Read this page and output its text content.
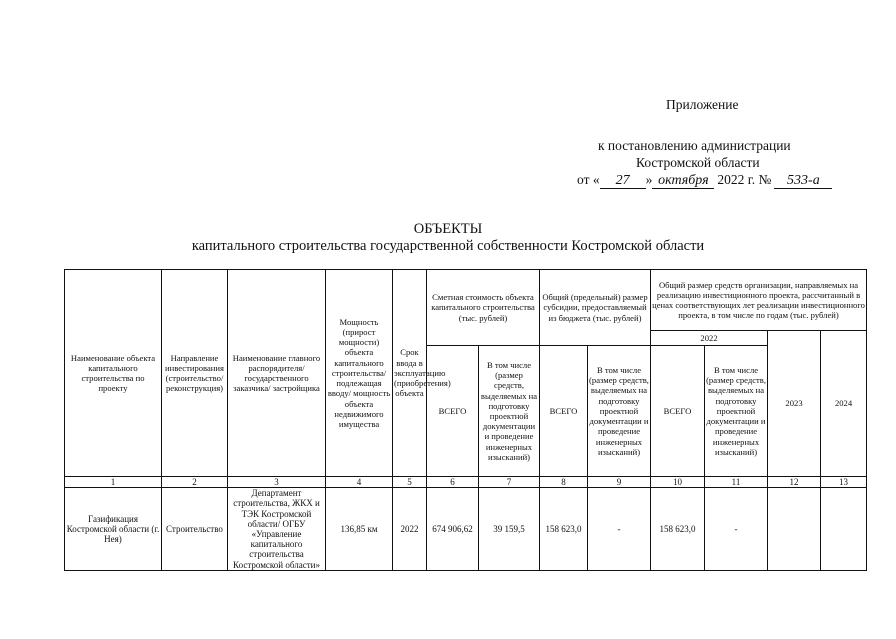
Приложение
к постановлению администрации
Костромской области
от « 27 » октября 2022 г. № 533-а
ОБЪЕКТЫ
капитального строительства государственной собственности Костромской области
Наименование объекта капитального строительства по проекту	Направление инвестирования (строительство/ реконструкция)	Наименование главного распорядителя/ государственного заказчика/ застройщика	Мощность (прирост мощности) объекта капитального строительства/ подлежащая вводу/ мощность объекта недвижимого имущества	Срок ввода в эксплуатацию (приобретения) объекта	Сметная стоимость объекта капитального строительства (тыс. рублей)		Общий (предельный) размер субсидии, предоставляемый из бюджета (тыс. рублей)		Общий размер средств организации, направляемых на реализацию инвестиционного проекта, рассчитанный в ценах соответствующих лет реализации инвестиционного проекта, в том числе по годам (тыс. рублей)			
									2022		2023	2024
					ВСЕГО	В том числе (размер средств, выделяемых на подготовку проектной документации и проведение инженерных изысканий)	ВСЕГО	В том числе (размер средств, выделяемых на подготовку проектной документации и проведение инженерных изысканий)	ВСЕГО	В том числе (размер средств, выделяемых на подготовку проектной документации и проведение инженерных изысканий)		
1	2	3	4	5	6	7	8	9	10	11	12	13
Газификация Костромской области (г. Нея)	Строительство	Департамент строительства, ЖКХ и ТЭК Костромской области/ ОГБУ «Управление капитального строительства Костромской области»	136,85 км	2022	674 906,62	39 159,5	158 623,0	-	158 623,0	-		
